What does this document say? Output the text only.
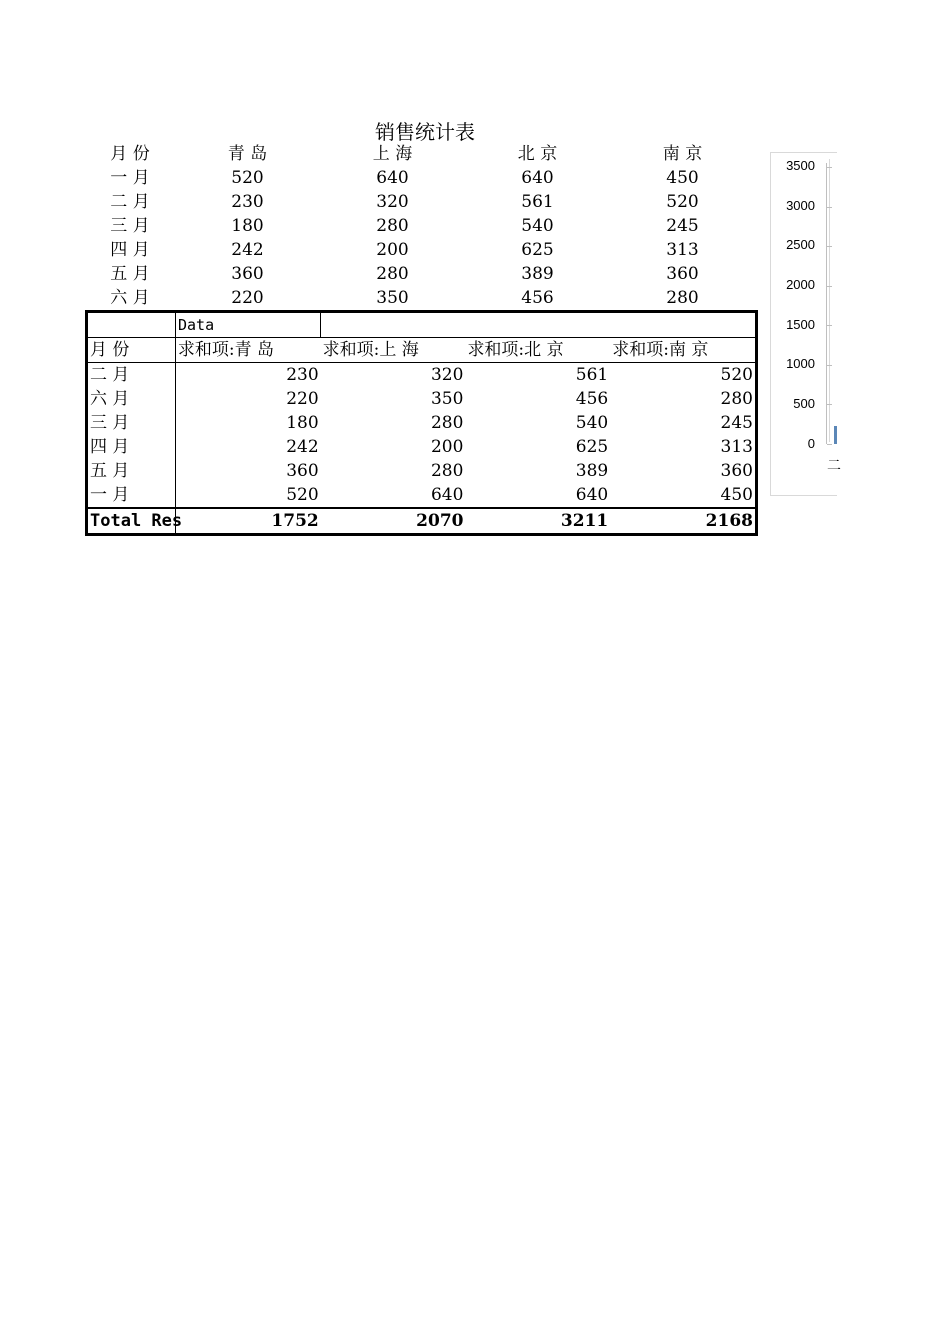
销售统计表
月 份	青 岛	上 海	北 京	南 京
一 月	520	640	640	450
二 月	230	320	561	520
三 月	180	280	540	245
四 月	242	200	625	313
五 月	360	280	389	360
六 月	220	350	456	280
Data
月 份	求和项:青 岛	求和项:上 海	求和项:北 京	求和项:南 京
二 月	230	320	561	520
六 月	220	350	456	280
三 月	180	280	540	245
四 月	242	200	625	313
五 月	360	280	389	360
一 月	520	640	640	450
Total Res	1752	2070	3211	2168
3500
3000
2500
2000
1500
1000
500
0
二
